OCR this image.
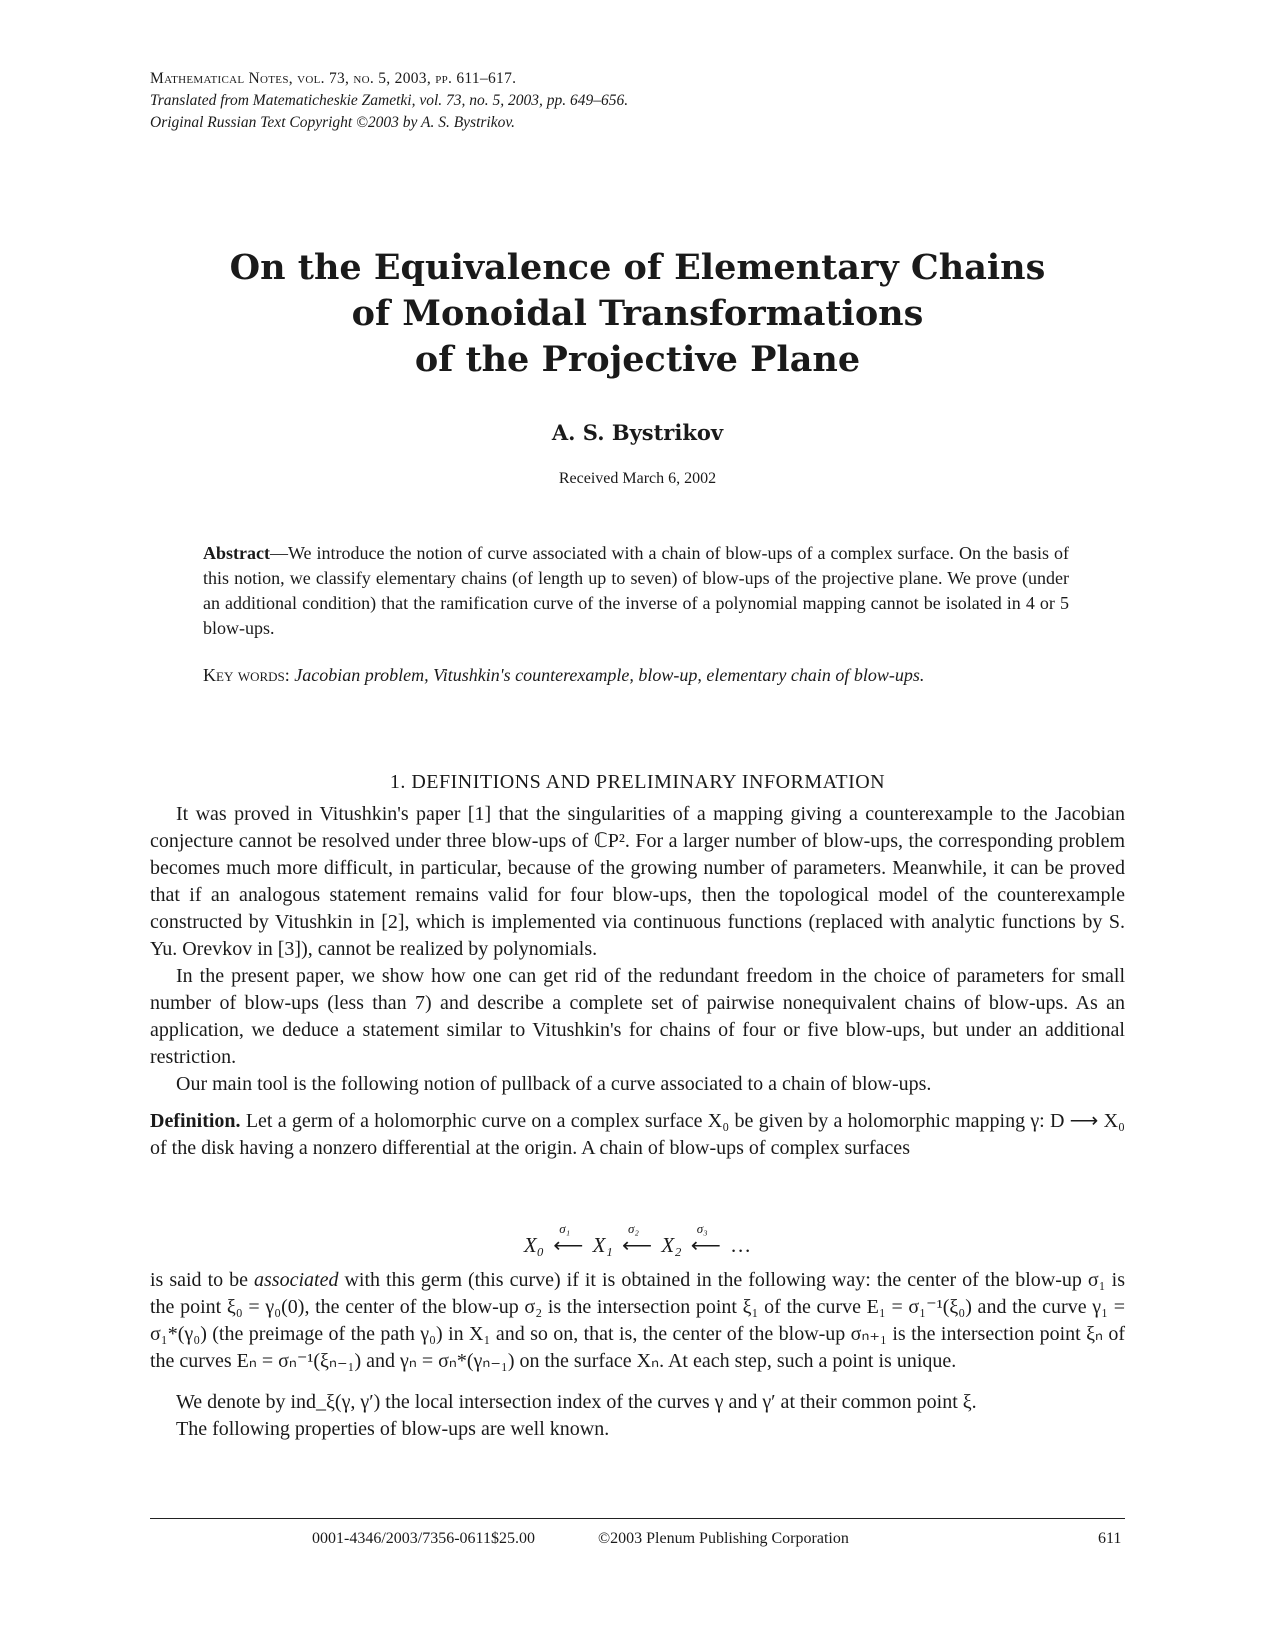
Mathematical Notes, vol. 73, no. 5, 2003, pp. 611–617.
Translated from Matematicheskie Zametki, vol. 73, no. 5, 2003, pp. 649–656.
Original Russian Text Copyright ©2003 by A. S. Bystrikov.
On the Equivalence of Elementary Chains
of Monoidal Transformations
of the Projective Plane
A. S. Bystrikov
Received March 6, 2002
Abstract—We introduce the notion of curve associated with a chain of blow-ups of a complex surface. On the basis of this notion, we classify elementary chains (of length up to seven) of blow-ups of the projective plane. We prove (under an additional condition) that the ramification curve of the inverse of a polynomial mapping cannot be isolated in 4 or 5 blow-ups.
Key words: Jacobian problem, Vitushkin's counterexample, blow-up, elementary chain of blow-ups.
1. DEFINITIONS AND PRELIMINARY INFORMATION

It was proved in Vitushkin's paper [1] that the singularities of a mapping giving a counterexample to the Jacobian conjecture cannot be resolved under three blow-ups of ℂP². For a larger number of blow-ups, the corresponding problem becomes much more difficult, in particular, because of the growing number of parameters. Meanwhile, it can be proved that if an analogous statement remains valid for four blow-ups, then the topological model of the counterexample constructed by Vitushkin in [2], which is implemented via continuous functions (replaced with analytic functions by S. Yu. Orevkov in [3]), cannot be realized by polynomials.

In the present paper, we show how one can get rid of the redundant freedom in the choice of parameters for small number of blow-ups (less than 7) and describe a complete set of pairwise nonequivalent chains of blow-ups. As an application, we deduce a statement similar to Vitushkin's for chains of four or five blow-ups, but under an additional restriction.

Our main tool is the following notion of pullback of a curve associated to a chain of blow-ups.

Definition. Let a germ of a holomorphic curve on a complex surface X₀ be given by a holomorphic mapping γ: D ⟶ X₀ of the disk having a nonzero differential at the origin. A chain of blow-ups of complex surfaces

X₀ ⟵
σ₁
X₁ ⟵
σ₂
X₂ ⟵
σ₃
…

is said to be associated with this germ (this curve) if it is obtained in the following way: the center of the blow-up σ₁ is the point ξ₀ = γ₀(0), the center of the blow-up σ₂ is the intersection point ξ₁ of the curve E₁ = σ₁⁻¹(ξ₀) and the curve γ₁ = σ₁*(γ₀) (the preimage of the path γ₀) in X₁ and so on, that is, the center of the blow-up σₙ₊₁ is the intersection point ξₙ of the curves Eₙ = σₙ⁻¹(ξₙ₋₁) and γₙ = σₙ*(γₙ₋₁) on the surface Xₙ. At each step, such a point is unique.

We denote by ind_ξ(γ, γ′) the local intersection index of the curves γ and γ′ at their common point ξ.

The following properties of blow-ups are well known.

0001-4346/2003/7356-0611$25.00	©2003 Plenum Publishing Corporation	611
